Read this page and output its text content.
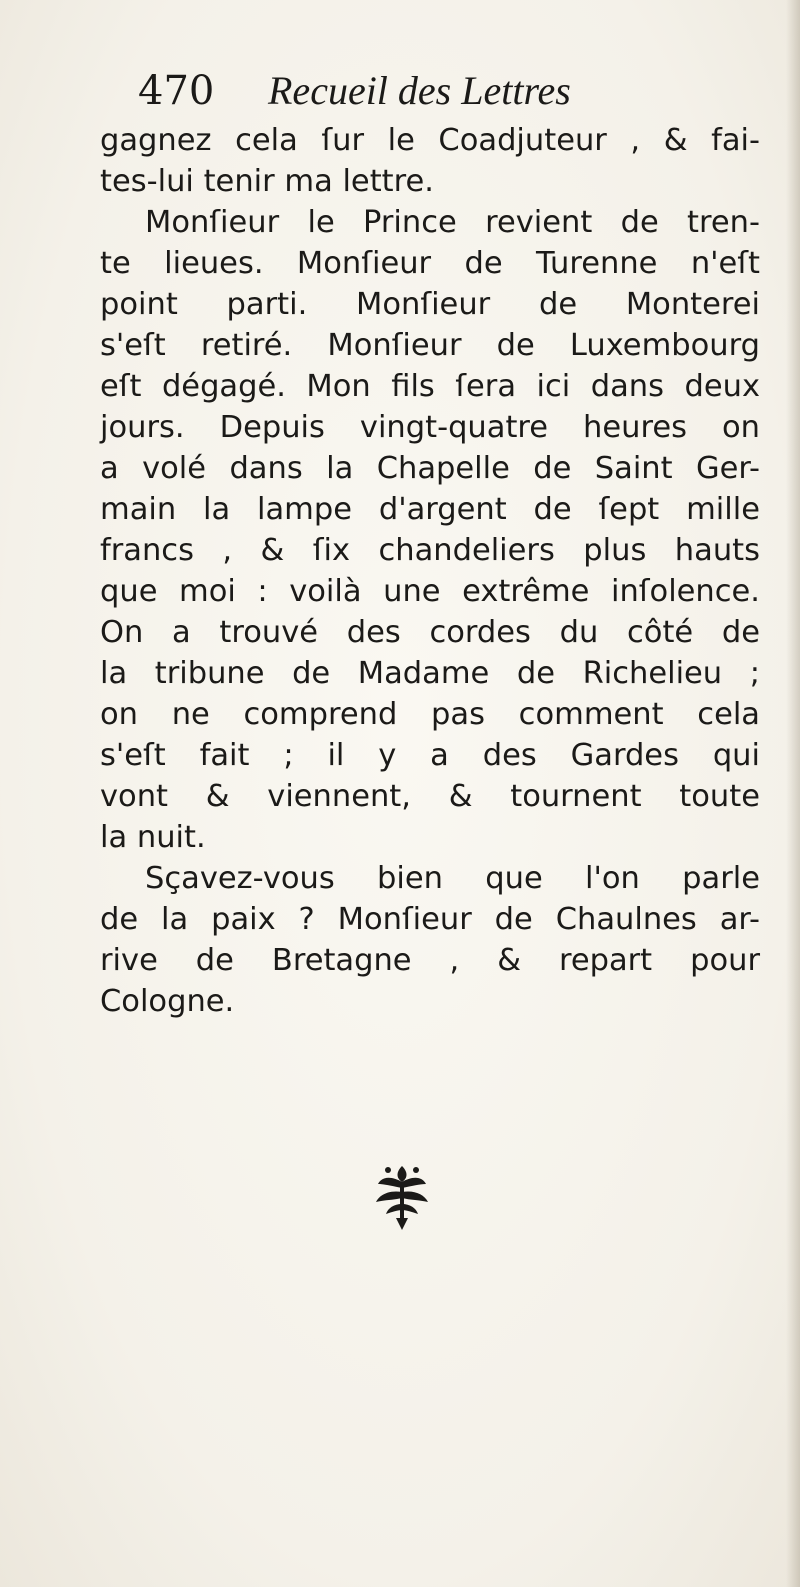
470 Recueil des Lettres
gagnez cela ſur le Coadjuteur , & fai-
tes-lui tenir ma lettre.
Monſieur le Prince revient de tren-
te lieues. Monſieur de Turenne n'eſt
point parti. Monſieur de Monterei
s'eſt retiré. Monſieur de Luxembourg
eſt dégagé. Mon fils ſera ici dans deux
jours. Depuis vingt-quatre heures on
a volé dans la Chapelle de Saint Ger-
main la lampe d'argent de ſept mille
francs , & ſix chandeliers plus hauts
que moi : voilà une extrême inſolence.
On a trouvé des cordes du côté de
la tribune de Madame de Richelieu ;
on ne comprend pas comment cela
s'eſt fait ; il y a des Gardes qui
vont & viennent, & tournent toute
la nuit.
Sçavez-vous bien que l'on parle
de la paix ? Monſieur de Chaulnes ar-
rive de Bretagne , & repart pour
Cologne.
